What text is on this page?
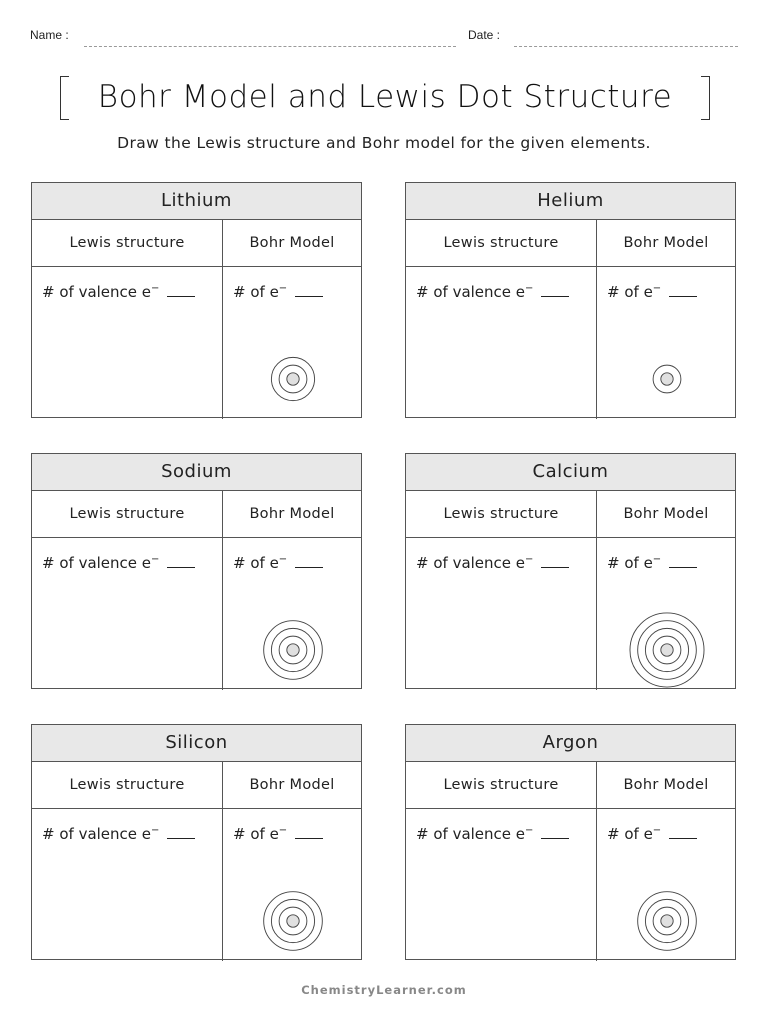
Name :	Date :
Bohr Model and Lewis Dot Structure
Draw the Lewis structure and Bohr model for the given elements.
Lithium
Lewis structure	Bohr Model
# of valence e−	# of e−
Helium
Lewis structure	Bohr Model
# of valence e−	# of e−
Sodium
Lewis structure	Bohr Model
# of valence e−	# of e−
Calcium
Lewis structure	Bohr Model
# of valence e−	# of e−
Silicon
Lewis structure	Bohr Model
# of valence e−	# of e−
Argon
Lewis structure	Bohr Model
# of valence e−	# of e−
ChemistryLearner.com
